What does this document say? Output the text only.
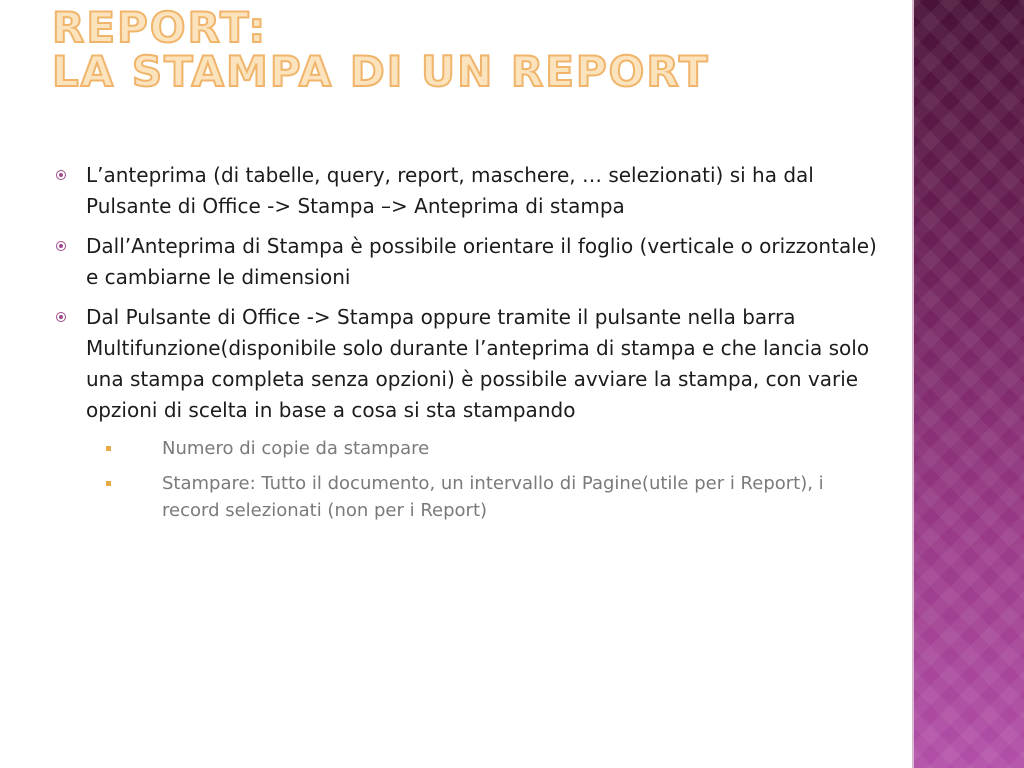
REPORT:
LA STAMPA DI UN REPORT
L’anteprima (di tabelle, query, report, maschere, … selezionati) si ha dal Pulsante di Office -> Stampa –> Anteprima di stampa
Dall’Anteprima di Stampa è possibile orientare il foglio (verticale o orizzontale) e cambiarne le dimensioni
Dal Pulsante di Office -> Stampa oppure tramite il pulsante nella barra Multifunzione(disponibile solo durante l’anteprima di stampa e che lancia solo una stampa completa senza opzioni) è possibile avviare la stampa, con varie opzioni di scelta in base a cosa si sta stampando
Numero di copie da stampare
Stampare: Tutto il documento, un intervallo di Pagine(utile per i Report), i record selezionati (non per i Report)
